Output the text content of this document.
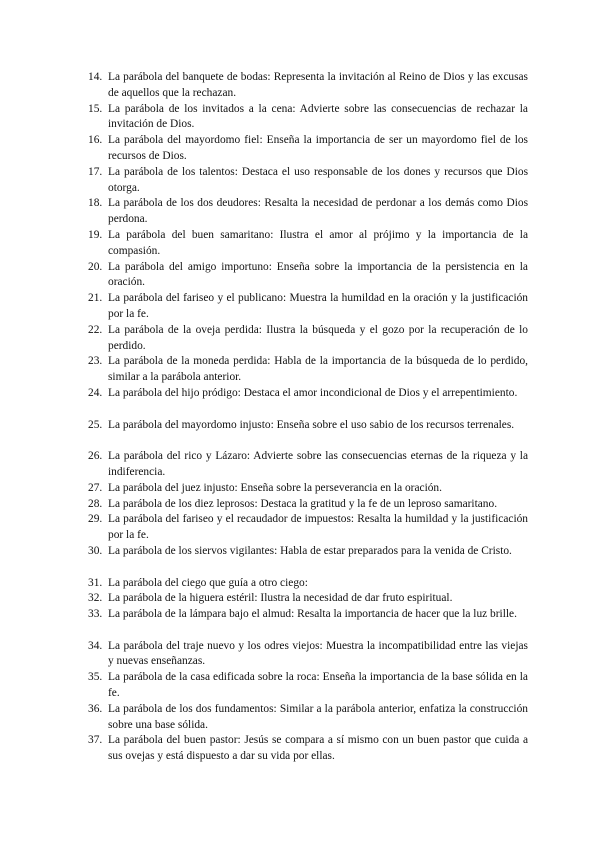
14. La parábola del banquete de bodas: Representa la invitación al Reino de Dios y las excusas de aquellos que la rechazan.
15. La parábola de los invitados a la cena: Advierte sobre las consecuencias de rechazar la invitación de Dios.
16. La parábola del mayordomo fiel: Enseña la importancia de ser un mayordomo fiel de los recursos de Dios.
17. La parábola de los talentos: Destaca el uso responsable de los dones y recursos que Dios otorga.
18. La parábola de los dos deudores: Resalta la necesidad de perdonar a los demás como Dios perdona.
19. La parábola del buen samaritano: Ilustra el amor al prójimo y la importancia de la compasión.
20. La parábola del amigo importuno: Enseña sobre la importancia de la persistencia en la oración.
21. La parábola del fariseo y el publicano: Muestra la humildad en la oración y la justificación por la fe.
22. La parábola de la oveja perdida: Ilustra la búsqueda y el gozo por la recuperación de lo perdido.
23. La parábola de la moneda perdida: Habla de la importancia de la búsqueda de lo perdido, similar a la parábola anterior.
24. La parábola del hijo pródigo: Destaca el amor incondicional de Dios y el arrepentimiento.
25. La parábola del mayordomo injusto: Enseña sobre el uso sabio de los recursos terrenales.
26. La parábola del rico y Lázaro: Advierte sobre las consecuencias eternas de la riqueza y la indiferencia.
27. La parábola del juez injusto: Enseña sobre la perseverancia en la oración.
28. La parábola de los diez leprosos: Destaca la gratitud y la fe de un leproso samaritano.
29. La parábola del fariseo y el recaudador de impuestos: Resalta la humildad y la justificación por la fe.
30. La parábola de los siervos vigilantes: Habla de estar preparados para la venida de Cristo.
31. La parábola del ciego que guía a otro ciego:
32. La parábola de la higuera estéril: Ilustra la necesidad de dar fruto espiritual.
33. La parábola de la lámpara bajo el almud: Resalta la importancia de hacer que la luz brille.
34. La parábola del traje nuevo y los odres viejos: Muestra la incompatibilidad entre las viejas y nuevas enseñanzas.
35. La parábola de la casa edificada sobre la roca: Enseña la importancia de la base sólida en la fe.
36. La parábola de los dos fundamentos: Similar a la parábola anterior, enfatiza la construcción sobre una base sólida.
37. La parábola del buen pastor: Jesús se compara a sí mismo con un buen pastor que cuida a sus ovejas y está dispuesto a dar su vida por ellas.
